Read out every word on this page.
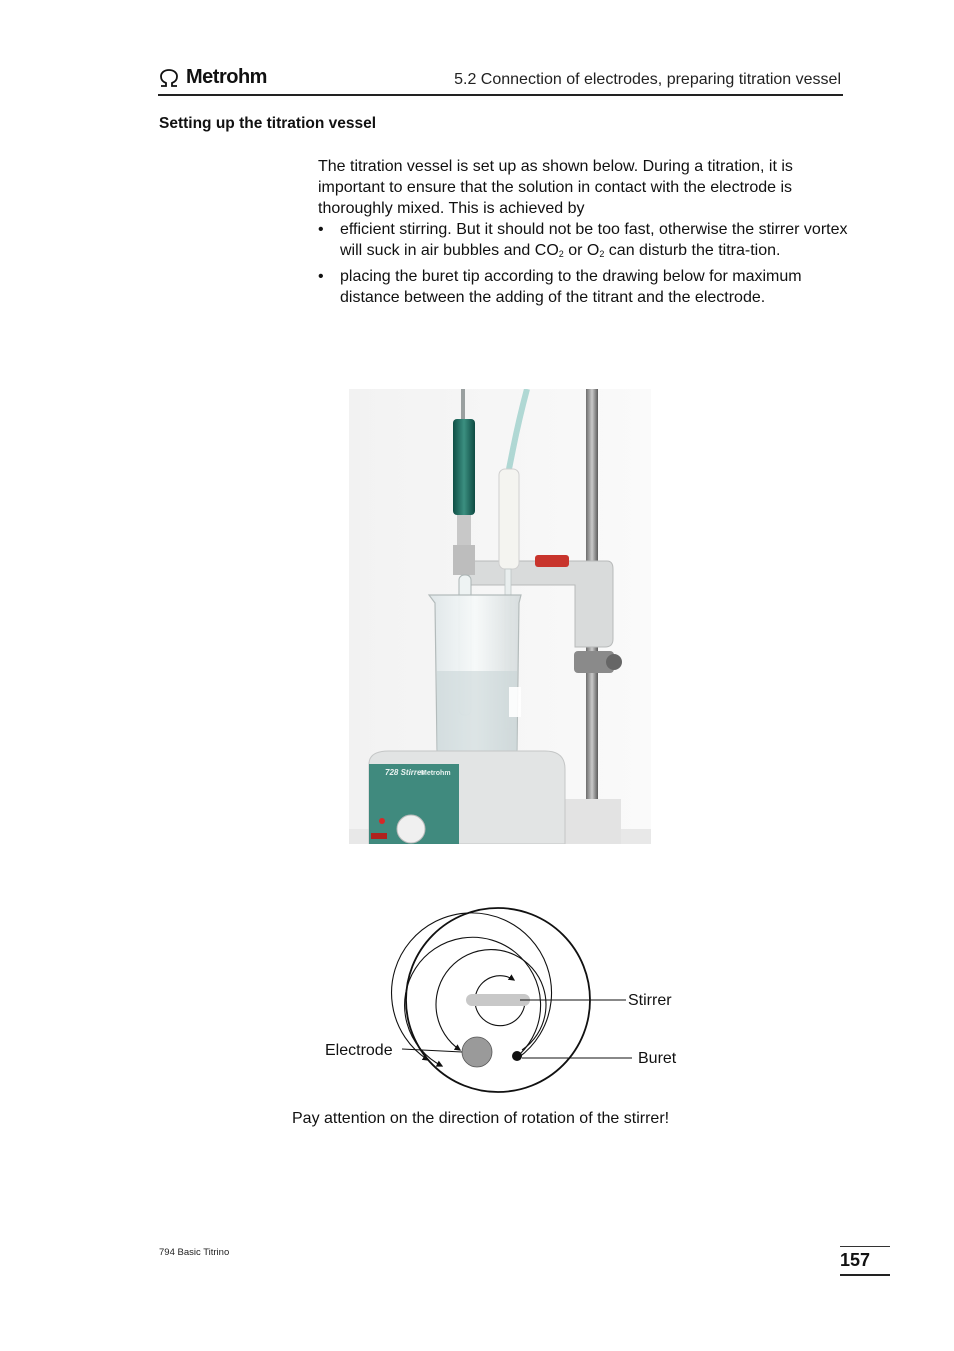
Metrohm	5.2 Connection of electrodes, preparing titration vessel
Setting up the titration vessel

The titration vessel is set up as shown below. During a titration, it is important to ensure that the solution in contact with the electrode is thoroughly mixed. This is achieved by

• efficient stirring. But it should not be too fast, otherwise the stirrer vortex will suck in air bubbles and $CO_2$ or $O_2$ can disturb the titra-tion.
• placing the buret tip according to the drawing below for maximum distance between the adding of the titrant and the electrode.
728 Stirrer
Metrohm
Stirrer
Electrode	Buret
Pay attention on the direction of rotation of the stirrer!
794 Basic Titrino	157
